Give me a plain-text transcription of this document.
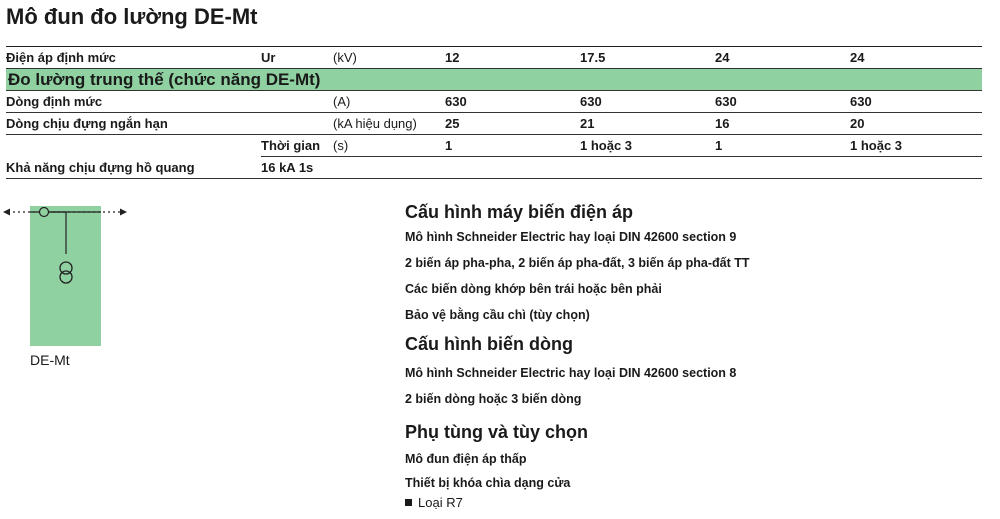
Mô đun đo lường DE-Mt
Điện áp định mức	Ur	(kV)	12	17.5	24	24
Đo lường trung thế (chức năng DE-Mt)						
Dòng định mức		(A)	630	630	630	630
Dòng chịu đựng ngắn hạn		(kA hiệu dụng)	25	21	16	20
	Thời gian	(s)	1	1 hoặc 3	1	1 hoặc 3
Khả năng chịu đựng hồ quang	16 kA 1s					
DE-Mt

Cấu hình máy biến điện áp

Mô hình Schneider Electric hay loại DIN 42600 section 9

2 biến áp pha-pha, 2 biến áp pha-đất, 3 biến áp pha-đất TT

Các biến dòng khớp bên trái hoặc bên phải

Bảo vệ bằng cầu chì (tùy chọn)

Cấu hình biến dòng

Mô hình Schneider Electric hay loại DIN 42600 section 8

2 biến dòng hoặc 3 biến dòng

Phụ tùng và tùy chọn

Mô đun điện áp thấp

Thiết bị khóa chìa dạng cửa

Loại R7
